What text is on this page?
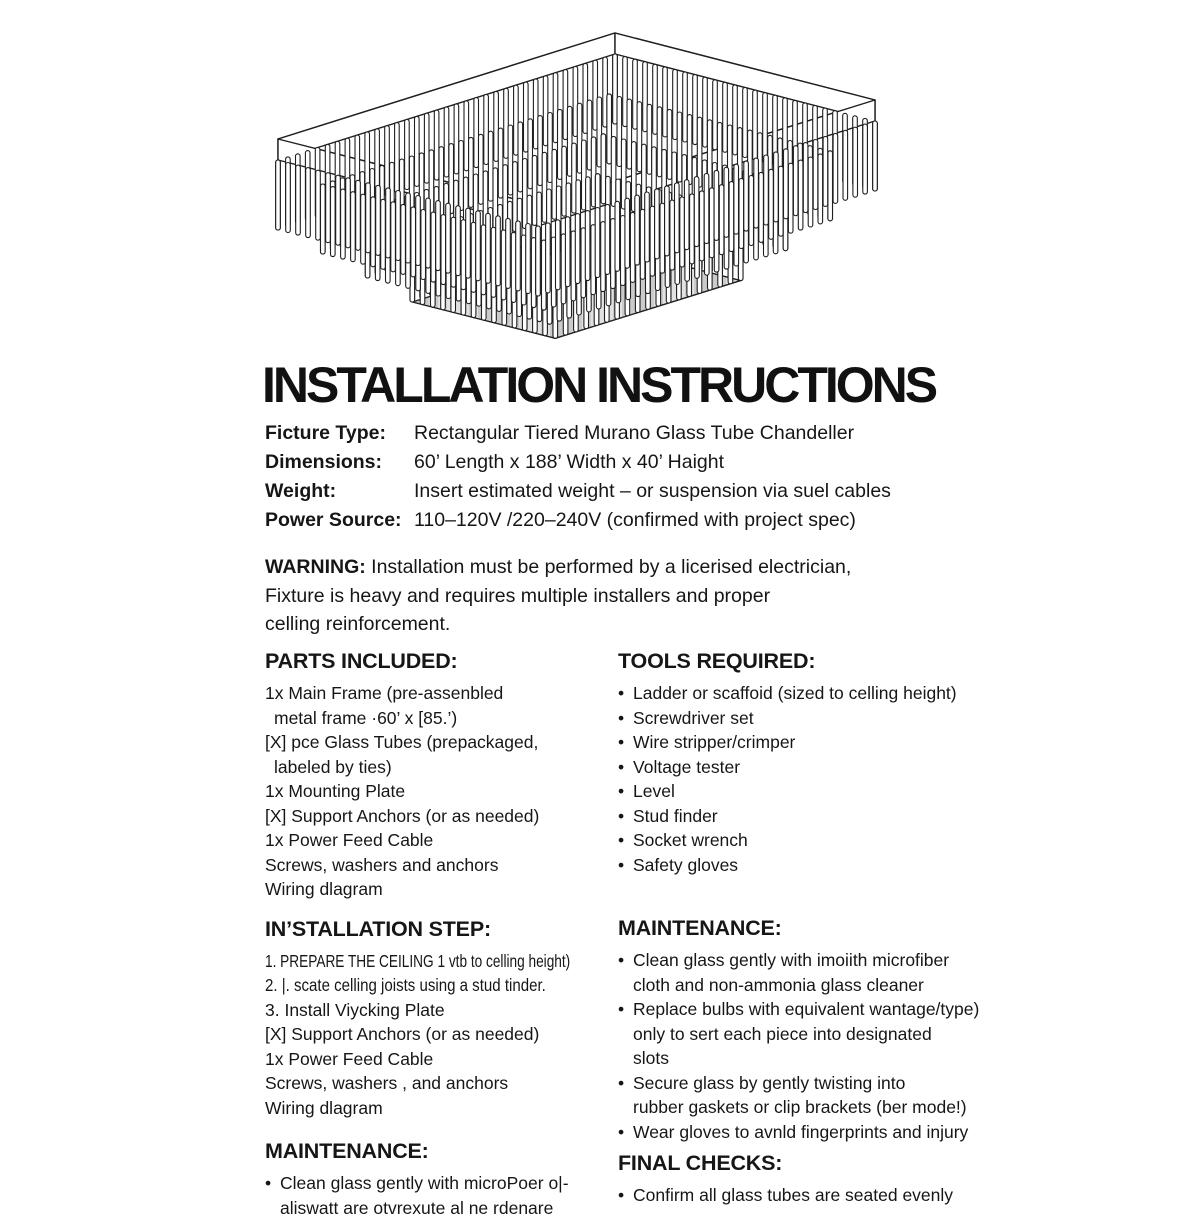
INSTALLATION INSTRUCTIONS
Ficture Type:	Rectangular Tiered Murano Glass Tube Chandeller
Dimensions:	60’ Length x 188’ Width x 40’ Haight
Weight:	Insert estimated weight – or suspension via suel cables
Power Source: 110–120V /220–240V (confirmed with project spec)
WARNING: Installation must be performed by a licerised electrician,
Fixture is heavy and requires multiple installers and proper
celling reinforcement.
PARTS INCLUDED:
1x Main Frame (pre-assenbled
metal frame ·60’ x [85.’)
[X] pce Glass Tubes (prepackaged,
labeled by ties)
1x Mounting Plate
[X] Support Anchors (or as needed)
1x Power Feed Cable
Screws, washers and anchors
Wiring dlagram
IN’STALLATION STEP:
1. PREPARE THE CEILING 1 vtb to celling height)
2. |. scate celling joists using a stud tinder.
3. Install Viycking Plate
[X] Support Anchors (or as needed)
1x Power Feed Cable
Screws, washers , and anchors
Wiring dlagram
MAINTENANCE:
• Clean glass gently with microPoer o|-
aliswatt are otvrexute al ne rdenare
TOOLS REQUIRED:
• Ladder or scaffoid (sized to celling height)
• Screwdriver set
• Wire stripper/crimper
• Voltage tester
• Level
• Stud finder
• Socket wrench
• Safety gloves
MAINTENANCE:
• Clean glass gently with imoiith microfiber
cloth and non-ammonia glass cleaner
• Replace bulbs with equivalent wantage/type)
only to sert each piece into designated
slots
• Secure glass by gently twisting into
rubber gaskets or clip brackets (ber mode!)
• Wear gloves to avnld fingerprints and injury
FINAL CHECKS:
• Confirm all glass tubes are seated evenly
